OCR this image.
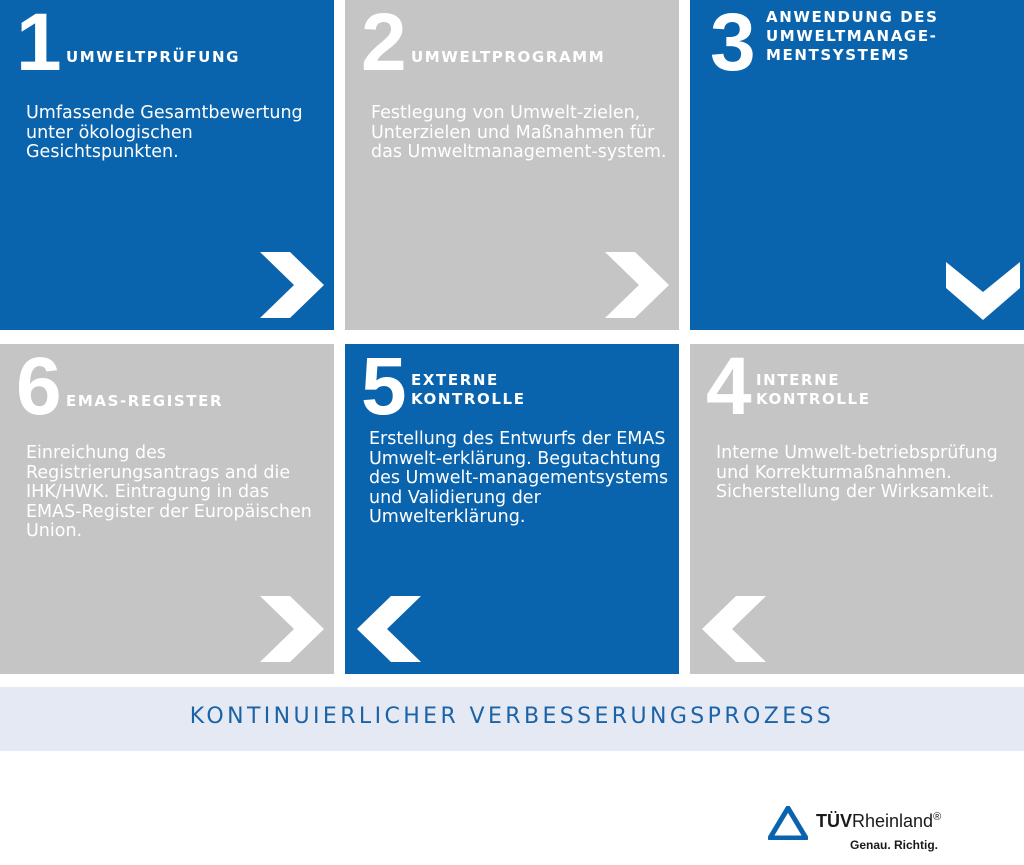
1 UMWELTPRÜFUNG
Umfassende Gesamtbewertung unter ökologischen Gesichtspunkten.
2 UMWELTPROGRAMM
Festlegung von Umwelt-zielen, Unterzielen und Maßnahmen für das Umweltmanagement-system.
3 ANWENDUNG DES UMWELTMANAGE-MENTSYSTEMS
6 EMAS-REGISTER
Einreichung des Registrierungsantrags and die IHK/HWK. Eintragung in das EMAS-Register der Europäischen Union.
5 EXTERNE KONTROLLE
Erstellung des Entwurfs der EMAS Umwelt-erklärung. Begutachtung des Umwelt-managementsystems und Validierung der Umwelterklärung.
4 INTERNE KONTROLLE
Interne Umwelt-betriebsprüfung und Korrekturmaßnahmen. Sicherstellung der Wirksamkeit.
KONTINUIERLICHER VERBESSERUNGSPROZESS
TÜVRheinland®
Genau. Richtig.
